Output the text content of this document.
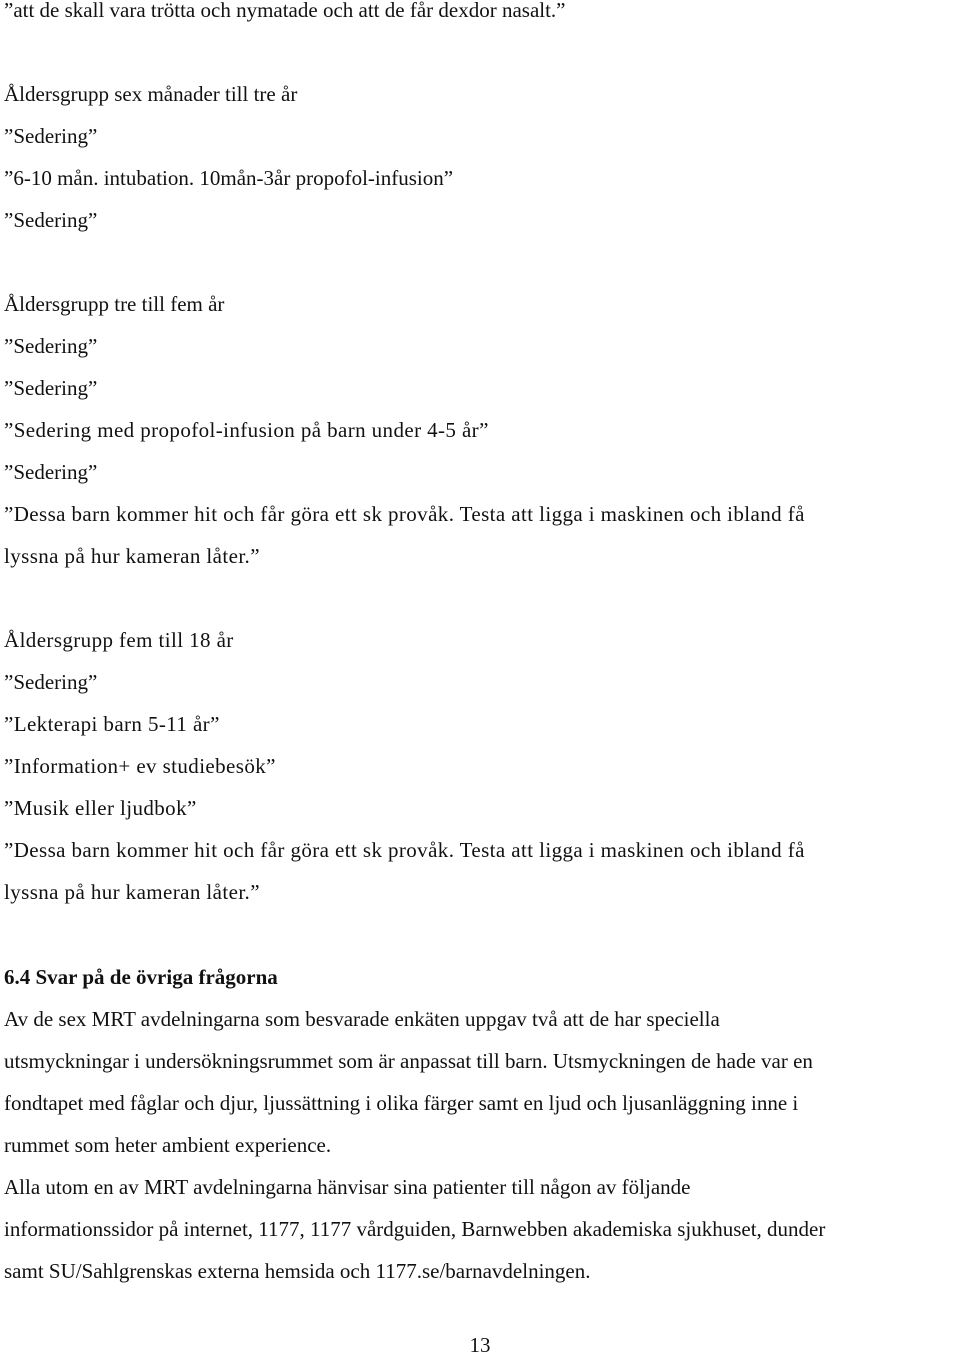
”att de skall vara trötta och nymatade och att de får dexdor nasalt.”

Åldersgrupp sex månader till tre år

”Sedering”

”6-10 mån. intubation. 10mån-3år propofol-infusion”

”Sedering”

Åldersgrupp tre till fem år

”Sedering”

”Sedering”

”Sedering med propofol-infusion på barn under 4-5 år”

”Sedering”

”Dessa barn kommer hit och får göra ett sk provåk. Testa att ligga i maskinen och ibland få

lyssna på hur kameran låter.”

Åldersgrupp fem till 18 år

”Sedering”

”Lekterapi barn 5-11 år”

”Information+ ev studiebesök”

”Musik eller ljudbok”

”Dessa barn kommer hit och får göra ett sk provåk. Testa att ligga i maskinen och ibland få

lyssna på hur kameran låter.”

6.4 Svar på de övriga frågorna

Av de sex MRT avdelningarna som besvarade enkäten uppgav två att de har speciella

utsmyckningar i undersökningsrummet som är anpassat till barn. Utsmyckningen de hade var en

fondtapet med fåglar och djur, ljussättning i olika färger samt en ljud och ljusanläggning inne i

rummet som heter ambient experience.

Alla utom en av MRT avdelningarna hänvisar sina patienter till någon av följande

informationssidor på internet, 1177, 1177 vårdguiden, Barnwebben akademiska sjukhuset, dunder

samt SU/Sahlgrenskas externa hemsida och 1177.se/barnavdelningen.

13
